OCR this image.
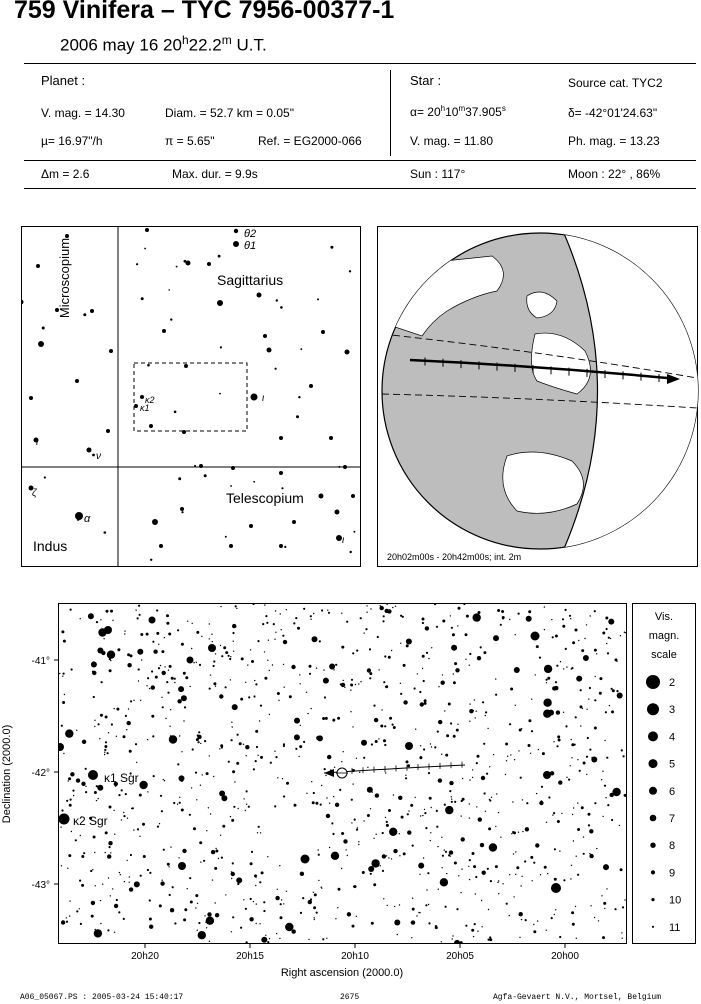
759 Vinifera – TYC 7956-00377-1
2006 may 16 20$^h$22.2$^m$ U.T.
Planet :
V. mag. = 14.30	Diam. = 52.7 km = 0.05"
µ= 16.97"/h	π = 5.65"	Ref. = EG2000-066
Star :	Source cat. TYC2
$\alpha= 20^h10^m37.905^s$	δ= -42°01'24.63"
V. mag. = 11.80	Ph. mag. = 13.23
Δm = 2.6	Max. dur. = 9.9s	Sun : 117°	Moon : 22° , 86%
Microscopium	Sagittarius
Telescopium
Indus
θ2
θ1
κ2
κ1
ι
ι
ν
ζ
α
ι
20h02m00s - 20h42m00s; int. 2m
κ1 Sgr
κ2 Sgr
-41°
-42°
-43°
20h20	20h15	20h10	20h05	20h00
Declination (2000.0)
Right ascension (2000.0)
Vis.
magn.
scale
2
3
4
5
6
7
8
9
10
11
A06_05067.PS : 2005-03-24 15:40:17	2675	Agfa-Gevaert N.V., Mortsel, Belgium
